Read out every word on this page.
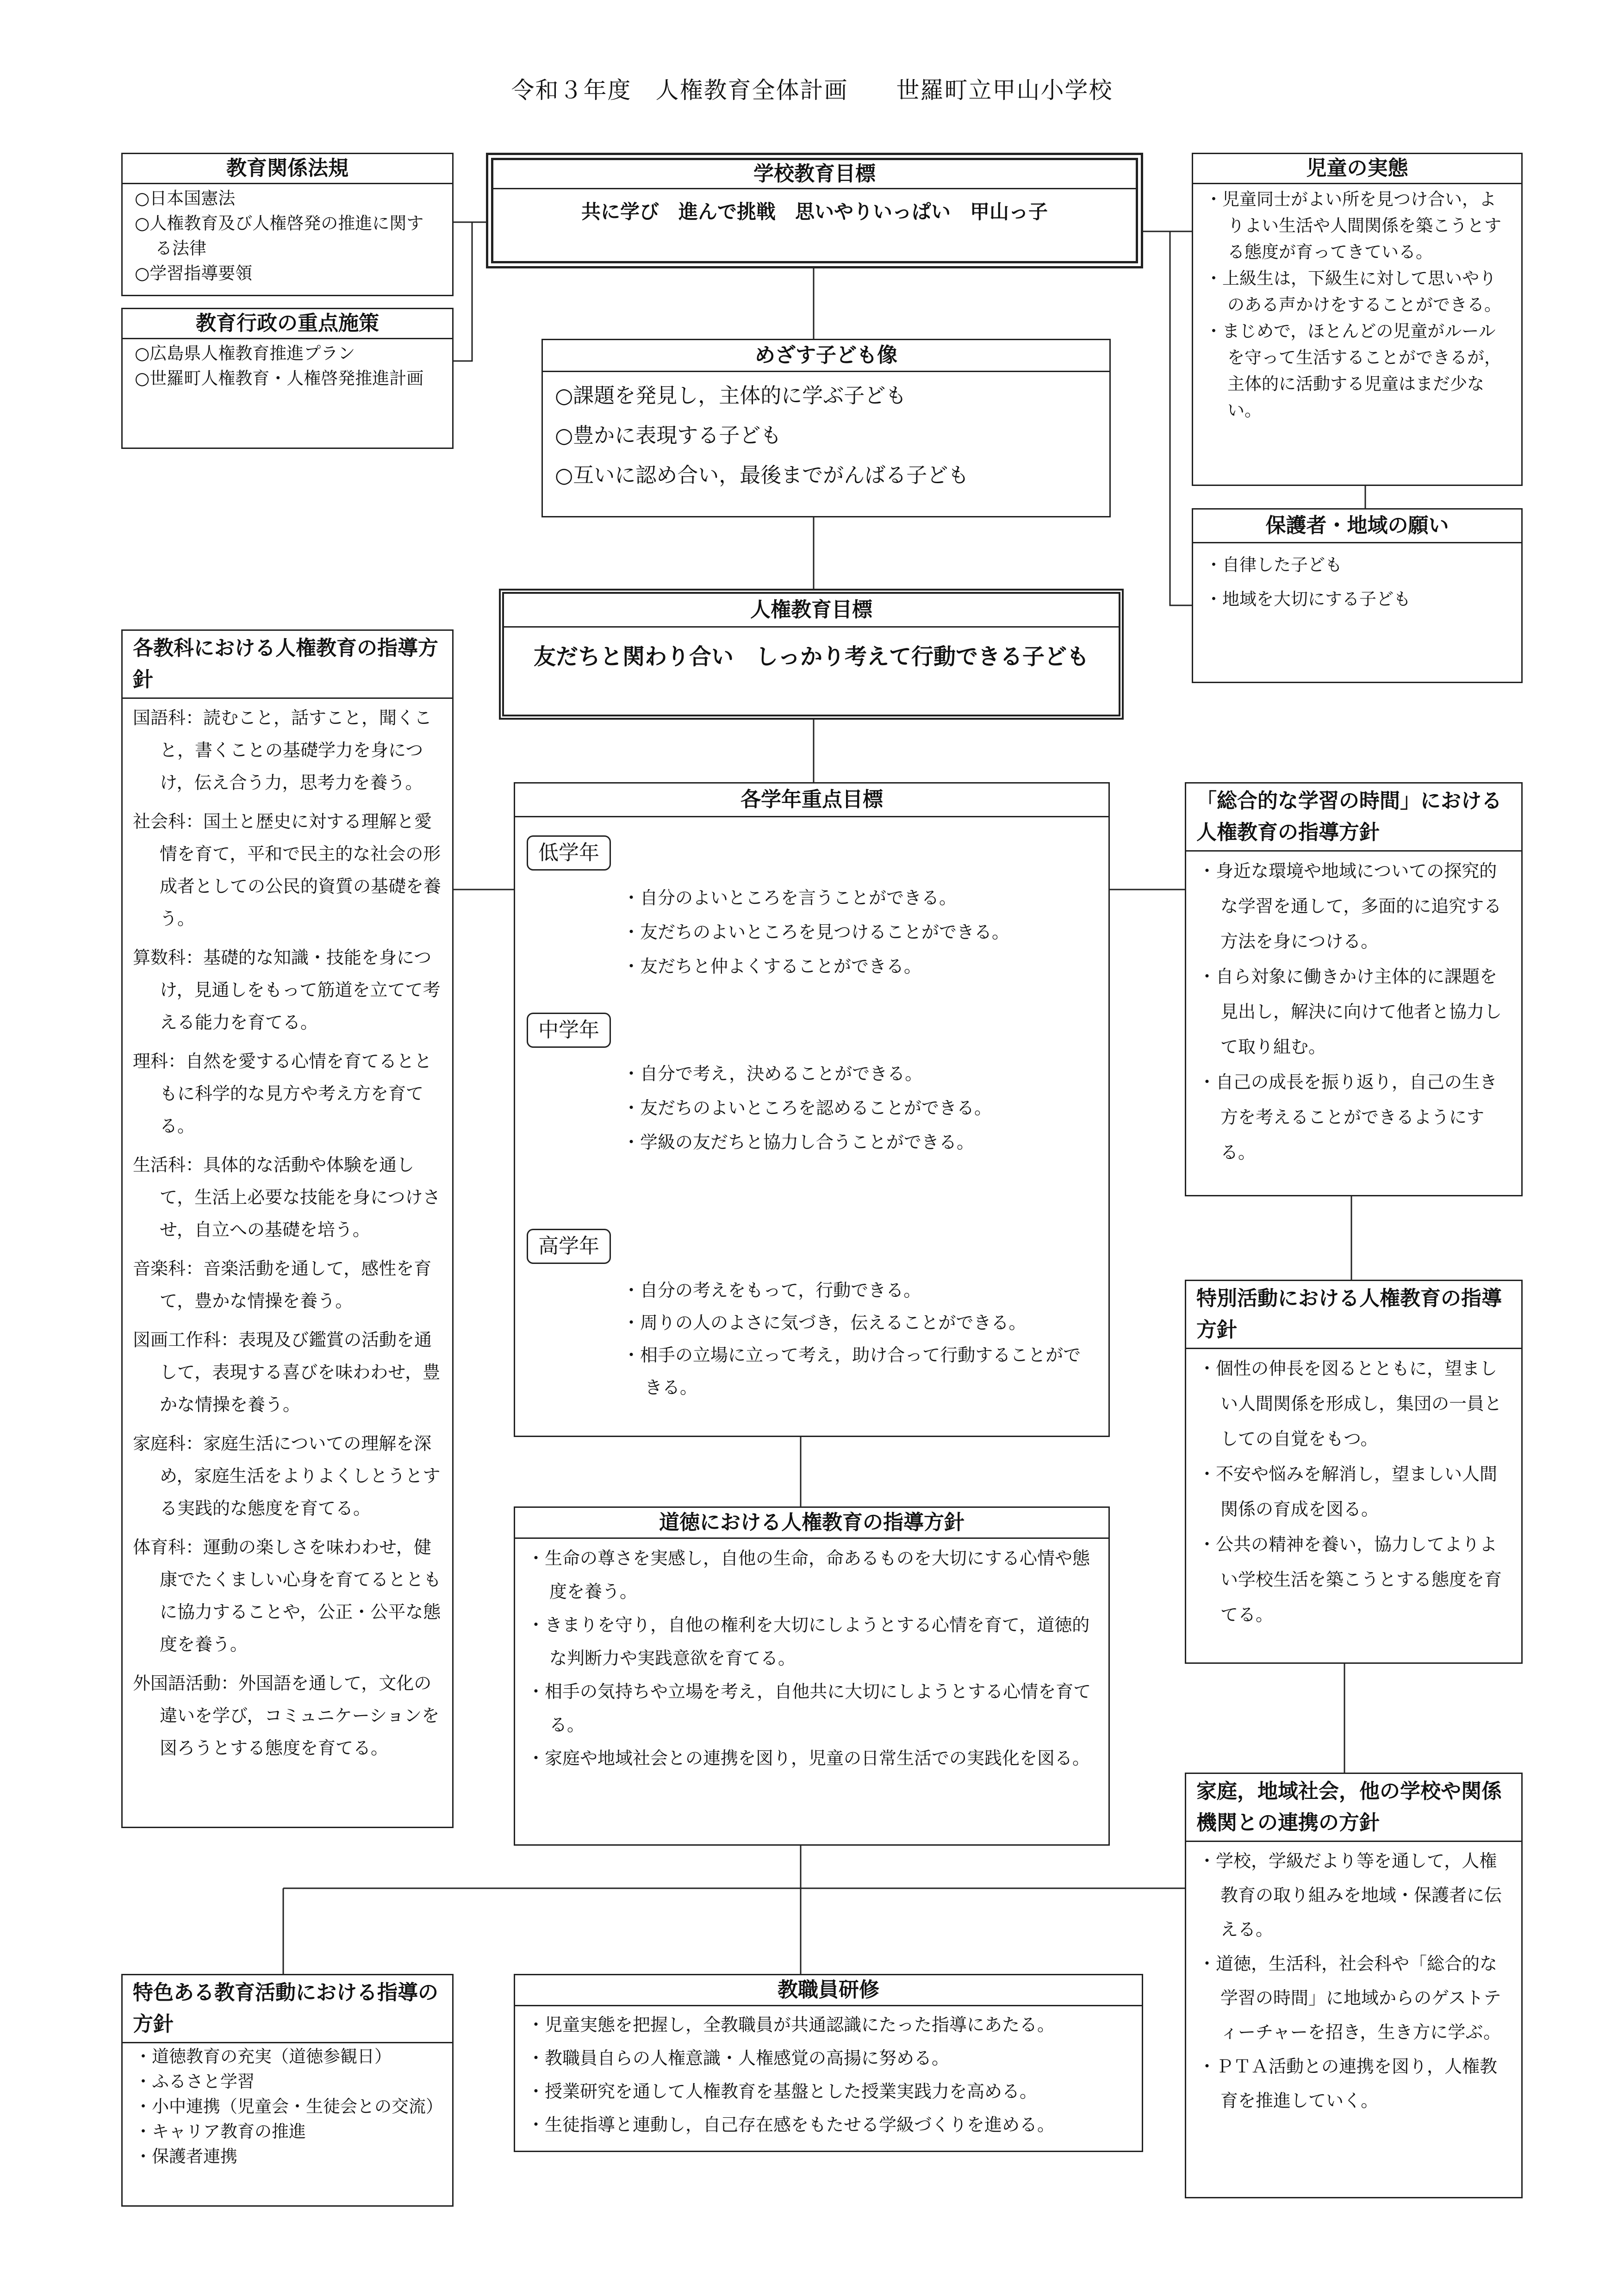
令和３年度　人権教育全体計画　　世羅町立甲山小学校
教育関係法規
○日本国憲法
○人権教育及び人権啓発の推進に関する法律
○学習指導要領
教育行政の重点施策
○広島県人権教育推進プラン
○世羅町人権教育・人権啓発推進計画
学校教育目標
共に学び　進んで挑戦　思いやりいっぱい　甲山っ子
めざす子ども像
○課題を発見し，主体的に学ぶ子ども
○豊かに表現する子ども
○互いに認め合い，最後までがんばる子ども
児童の実態
・児童同士がよい所を見つけ合い，よりよい生活や人間関係を築こうとする態度が育ってきている。
・上級生は，下級生に対して思いやりのある声かけをすることができる。
・まじめで，ほとんどの児童がルールを守って生活することができるが，主体的に活動する児童はまだ少ない。
保護者・地域の願い
・自律した子ども
・地域を大切にする子ども
人権教育目標
友だちと関わり合い　しっかり考えて行動できる子ども
各教科における人権教育の指導方針
国語科：読むこと，話すこと，聞くこと，書くことの基礎学力を身につけ，伝え合う力，思考力を養う。
社会科：国土と歴史に対する理解と愛情を育て，平和で民主的な社会の形成者としての公民的資質の基礎を養う。
算数科：基礎的な知識・技能を身につけ，見通しをもって筋道を立てて考える能力を育てる。
理科：自然を愛する心情を育てるとともに科学的な見方や考え方を育てる。
生活科：具体的な活動や体験を通して，生活上必要な技能を身につけさせ，自立への基礎を培う。
音楽科：音楽活動を通して，感性を育て，豊かな情操を養う。
図画工作科：表現及び鑑賞の活動を通して，表現する喜びを味わわせ，豊かな情操を養う。
家庭科：家庭生活についての理解を深め，家庭生活をよりよくしとうとする実践的な態度を育てる。
体育科：運動の楽しさを味わわせ，健康でたくましい心身を育てるとともに協力することや，公正・公平な態度を養う。
外国語活動：外国語を通して，文化の違いを学び，コミュニケーションを図ろうとする態度を育てる。
各学年重点目標
低学年
・自分のよいところを言うことができる。
・友だちのよいところを見つけることができる。
・友だちと仲よくすることができる。
中学年
・自分で考え，決めることができる。
・友だちのよいところを認めることができる。
・学級の友だちと協力し合うことができる。
高学年
・自分の考えをもって，行動できる。
・周りの人のよさに気づき，伝えることができる。
・相手の立場に立って考え，助け合って行動することができる。
「総合的な学習の時間」における人権教育の指導方針
・身近な環境や地域についての探究的な学習を通して，多面的に追究する方法を身につける。
・自ら対象に働きかけ主体的に課題を見出し，解決に向けて他者と協力して取り組む。
・自己の成長を振り返り，自己の生き方を考えることができるようにする。
特別活動における人権教育の指導方針
・個性の伸長を図るとともに，望ましい人間関係を形成し，集団の一員としての自覚をもつ。
・不安や悩みを解消し，望ましい人間関係の育成を図る。
・公共の精神を養い，協力してよりよい学校生活を築こうとする態度を育てる。
道徳における人権教育の指導方針
・生命の尊さを実感し，自他の生命，命あるものを大切にする心情や態度を養う。
・きまりを守り，自他の権利を大切にしようとする心情を育て，道徳的な判断力や実践意欲を育てる。
・相手の気持ちや立場を考え，自他共に大切にしようとする心情を育てる。
・家庭や地域社会との連携を図り，児童の日常生活での実践化を図る。
家庭，地域社会，他の学校や関係機関との連携の方針
・学校，学級だより等を通して，人権教育の取り組みを地域・保護者に伝える。
・道徳，生活科，社会科や「総合的な学習の時間」に地域からのゲストティーチャーを招き，生き方に学ぶ。
・ＰＴＡ活動との連携を図り，人権教育を推進していく。
特色ある教育活動における指導の方針
・道徳教育の充実（道徳参観日）
・ふるさと学習
・小中連携（児童会・生徒会との交流）
・キャリア教育の推進
・保護者連携
教職員研修
・児童実態を把握し，全教職員が共通認識にたった指導にあたる。
・教職員自らの人権意識・人権感覚の高揚に努める。
・授業研究を通して人権教育を基盤とした授業実践力を高める。
・生徒指導と連動し，自己存在感をもたせる学級づくりを進める。
